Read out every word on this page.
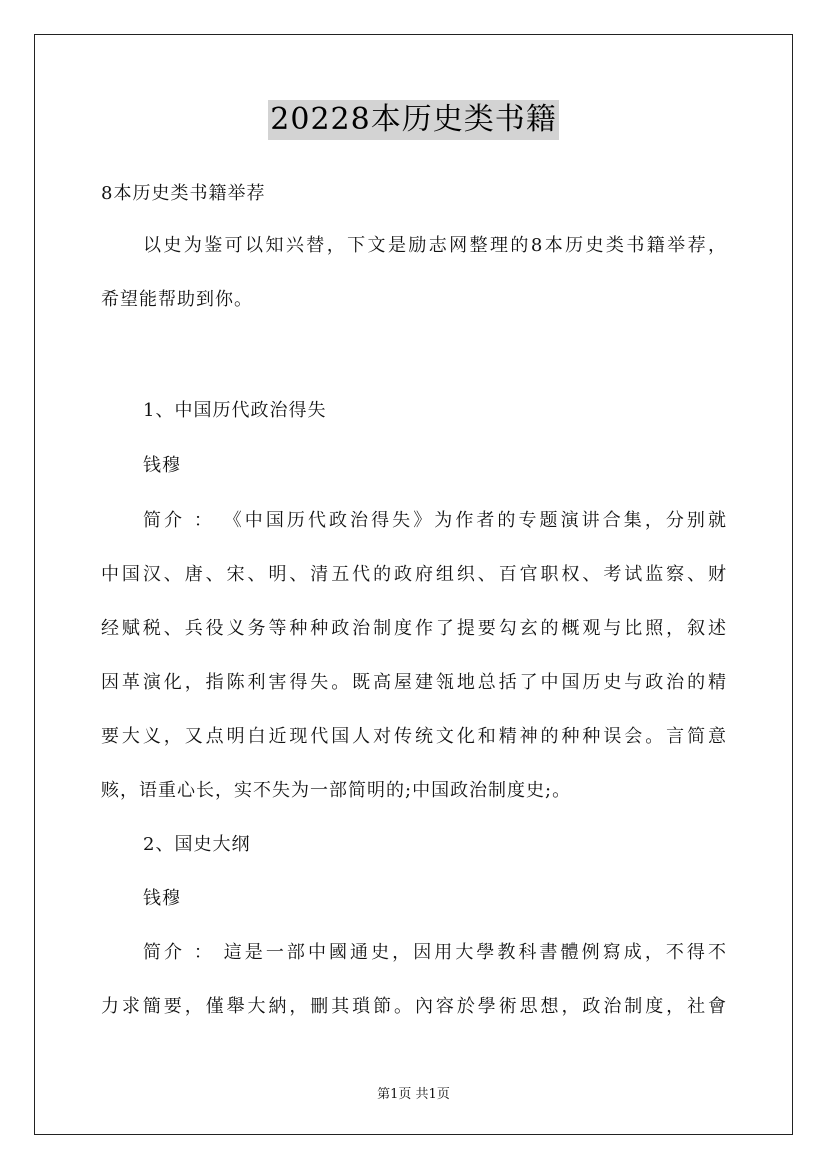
20228本历史类书籍
8本历史类书籍举荐
以史为鉴可以知兴替，下文是励志网整理的8本历史类书籍举荐，
希望能帮助到你。
1、中国历代政治得失
钱穆
简介 ： 《中国历代政治得失》为作者的专题演讲合集，分别就
中国汉、唐、宋、明、清五代的政府组织、百官职权、考试监察、财
经赋税、兵役义务等种种政治制度作了提要勾玄的概观与比照，叙述
因革演化，指陈利害得失。既高屋建瓴地总括了中国历史与政治的精
要大义，又点明白近现代国人对传统文化和精神的种种误会。言简意
赅，语重心长，实不失为一部简明的;中国政治制度史;。
2、国史大纲
钱穆
简介 ： 這是一部中國通史，因用大學教科書體例寫成，不得不
力求簡要，僅舉大納，刪其瑣節。內容於學術思想，政治制度，社會
第1页 共1页
